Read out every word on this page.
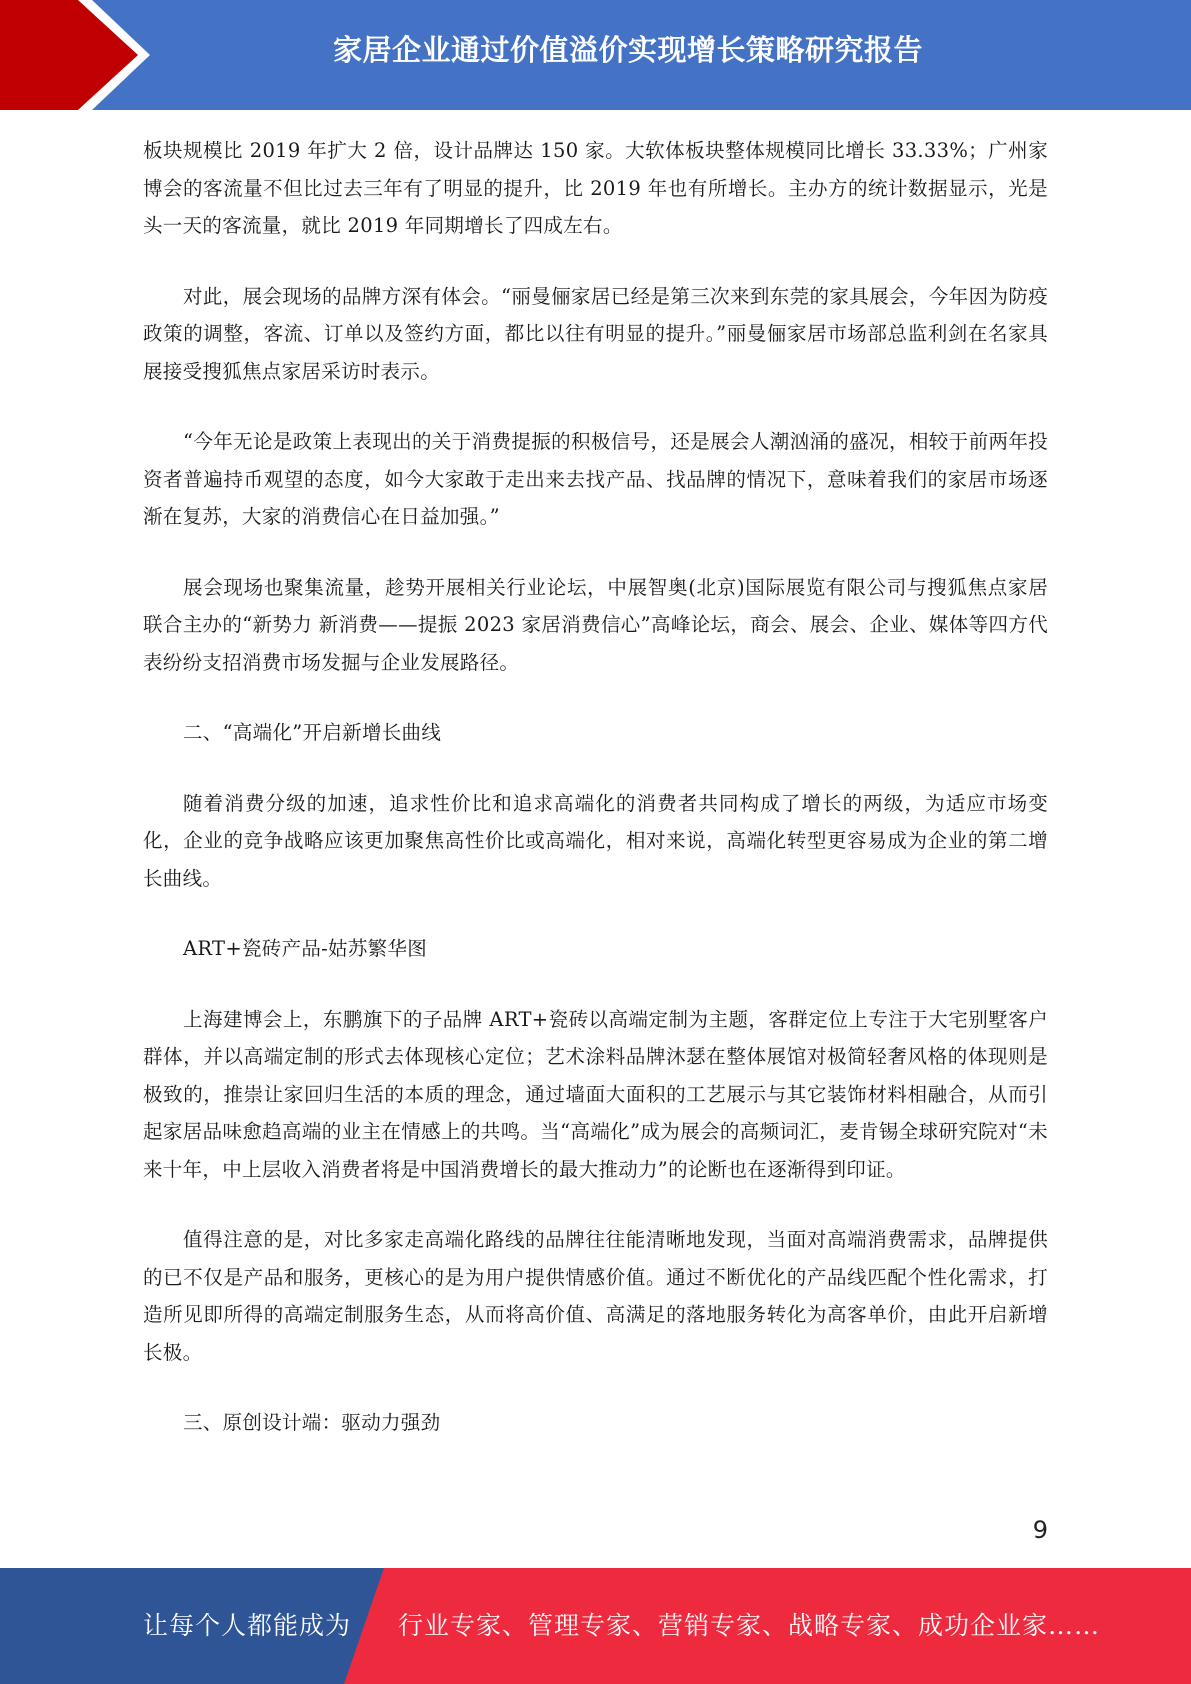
家居企业通过价值溢价实现增长策略研究报告

板块规模比 2019 年扩大 2 倍，设计品牌达 150 家。大软体板块整体规模同比增长 33.33%；广州家博会的客流量不但比过去三年有了明显的提升，比 2019 年也有所增长。主办方的统计数据显示，光是头一天的客流量，就比 2019 年同期增长了四成左右。

对此，展会现场的品牌方深有体会。“丽曼俪家居已经是第三次来到东莞的家具展会，今年因为防疫政策的调整，客流、订单以及签约方面，都比以往有明显的提升。”丽曼俪家居市场部总监利剑在名家具展接受搜狐焦点家居采访时表示。

“今年无论是政策上表现出的关于消费提振的积极信号，还是展会人潮汹涌的盛况，相较于前两年投资者普遍持币观望的态度，如今大家敢于走出来去找产品、找品牌的情况下，意味着我们的家居市场逐渐在复苏，大家的消费信心在日益加强。”

展会现场也聚集流量，趁势开展相关行业论坛，中展智奥(北京)国际展览有限公司与搜狐焦点家居联合主办的“新势力 新消费——提振 2023 家居消费信心”高峰论坛，商会、展会、企业、媒体等四方代表纷纷支招消费市场发掘与企业发展路径。

二、“高端化”开启新增长曲线

随着消费分级的加速，追求性价比和追求高端化的消费者共同构成了增长的两级，为适应市场变化，企业的竞争战略应该更加聚焦高性价比或高端化，相对来说，高端化转型更容易成为企业的第二增长曲线。

ART+瓷砖产品-姑苏繁华图

上海建博会上，东鹏旗下的子品牌 ART+瓷砖以高端定制为主题，客群定位上专注于大宅别墅客户群体，并以高端定制的形式去体现核心定位；艺术涂料品牌沐瑟在整体展馆对极简轻奢风格的体现则是极致的，推崇让家回归生活的本质的理念，通过墙面大面积的工艺展示与其它装饰材料相融合，从而引起家居品味愈趋高端的业主在情感上的共鸣。当“高端化”成为展会的高频词汇，麦肯锡全球研究院对“未来十年，中上层收入消费者将是中国消费增长的最大推动力”的论断也在逐渐得到印证。

值得注意的是，对比多家走高端化路线的品牌往往能清晰地发现，当面对高端消费需求，品牌提供的已不仅是产品和服务，更核心的是为用户提供情感价值。通过不断优化的产品线匹配个性化需求，打造所见即所得的高端定制服务生态，从而将高价值、高满足的落地服务转化为高客单价，由此开启新增长极。

三、原创设计端：驱动力强劲

9
让每个人都能成为 行业专家、管理专家、营销专家、战略专家、成功企业家……
